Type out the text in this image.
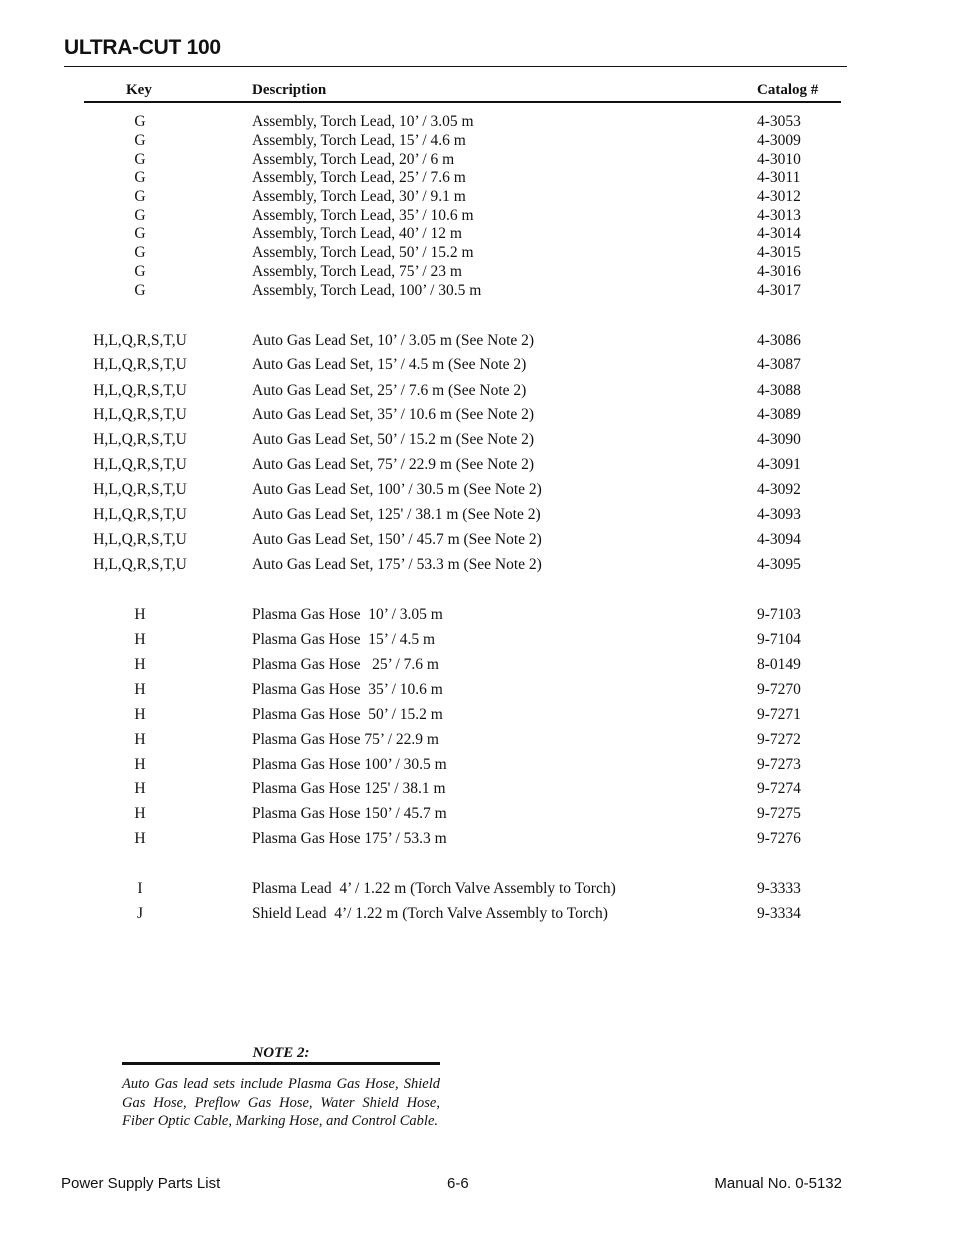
ULTRA-CUT 100
Key	Description	Catalog #
G	Assembly, Torch Lead, 10’ / 3.05 m	4-3053
G	Assembly, Torch Lead, 15’ / 4.6 m	4-3009
G	Assembly, Torch Lead, 20’ / 6 m	4-3010
G	Assembly, Torch Lead, 25’ / 7.6 m	4-3011
G	Assembly, Torch Lead, 30’ / 9.1 m	4-3012
G	Assembly, Torch Lead, 35’ / 10.6 m	4-3013
G	Assembly, Torch Lead, 40’ / 12 m	4-3014
G	Assembly, Torch Lead, 50’ / 15.2 m	4-3015
G	Assembly, Torch Lead, 75’ / 23 m	4-3016
G	Assembly, Torch Lead, 100’ / 30.5 m	4-3017
H,L,Q,R,S,T,U	Auto Gas Lead Set, 10’ / 3.05 m (See Note 2)	4-3086
H,L,Q,R,S,T,U	Auto Gas Lead Set, 15’ / 4.5 m (See Note 2)	4-3087
H,L,Q,R,S,T,U	Auto Gas Lead Set, 25’ / 7.6 m (See Note 2)	4-3088
H,L,Q,R,S,T,U	Auto Gas Lead Set, 35’ / 10.6 m (See Note 2)	4-3089
H,L,Q,R,S,T,U	Auto Gas Lead Set, 50’ / 15.2 m (See Note 2)	4-3090
H,L,Q,R,S,T,U	Auto Gas Lead Set, 75’ / 22.9 m (See Note 2)	4-3091
H,L,Q,R,S,T,U	Auto Gas Lead Set, 100’ / 30.5 m (See Note 2)	4-3092
H,L,Q,R,S,T,U	Auto Gas Lead Set, 125' / 38.1 m (See Note 2)	4-3093
H,L,Q,R,S,T,U	Auto Gas Lead Set, 150’ / 45.7 m (See Note 2)	4-3094
H,L,Q,R,S,T,U	Auto Gas Lead Set, 175’ / 53.3 m (See Note 2)	4-3095
H	Plasma Gas Hose  10’ / 3.05 m	9-7103
H	Plasma Gas Hose  15’ / 4.5 m	9-7104
H	Plasma Gas Hose   25’ / 7.6 m	8-0149
H	Plasma Gas Hose  35’ / 10.6 m	9-7270
H	Plasma Gas Hose  50’ / 15.2 m	9-7271
H	Plasma Gas Hose 75’ / 22.9 m	9-7272
H	Plasma Gas Hose 100’ / 30.5 m	9-7273
H	Plasma Gas Hose 125' / 38.1 m	9-7274
H	Plasma Gas Hose 150’ / 45.7 m	9-7275
H	Plasma Gas Hose 175’ / 53.3 m	9-7276
I	Plasma Lead  4’ / 1.22 m (Torch Valve Assembly to Torch)	9-3333
J	Shield Lead  4’/ 1.22 m (Torch Valve Assembly to Torch)	9-3334
NOTE 2:
Auto Gas lead sets include Plasma Gas Hose, Shield Gas Hose, Preflow Gas Hose, Water Shield Hose, Fiber Optic Cable, Marking Hose, and Control Cable.
Power Supply Parts List	6-6	Manual No. 0-5132
